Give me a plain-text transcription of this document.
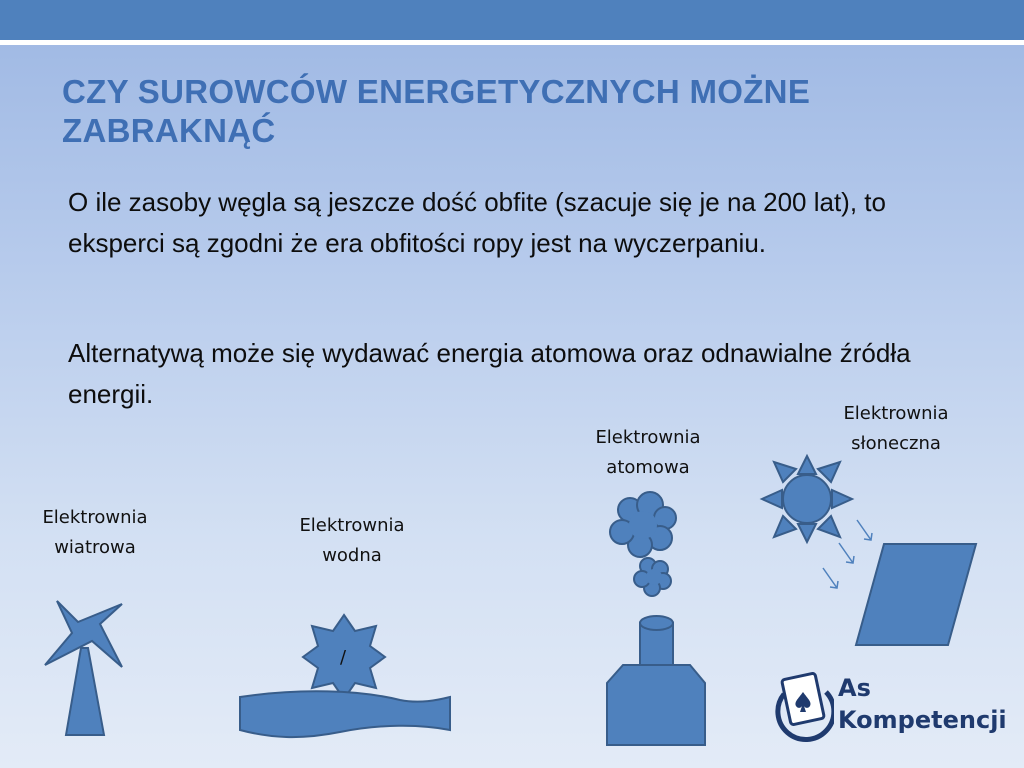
CZY SUROWCÓW ENERGETYCZNYCH MOŻNE ZABRAKNĄĆ

O ile zasoby węgla są jeszcze dość obfite (szacuje się je na 200 lat), to eksperci są zgodni że era obfitości ropy jest na wyczerpaniu.

Alternatywą może się wydawać energia atomowa oraz odnawialne źródła energii.

Elektrownia
słoneczna
Elektrownia
atomowa
Elektrownia
wiatrowa
Elektrownia
wodna
/
As
Kompetencji
